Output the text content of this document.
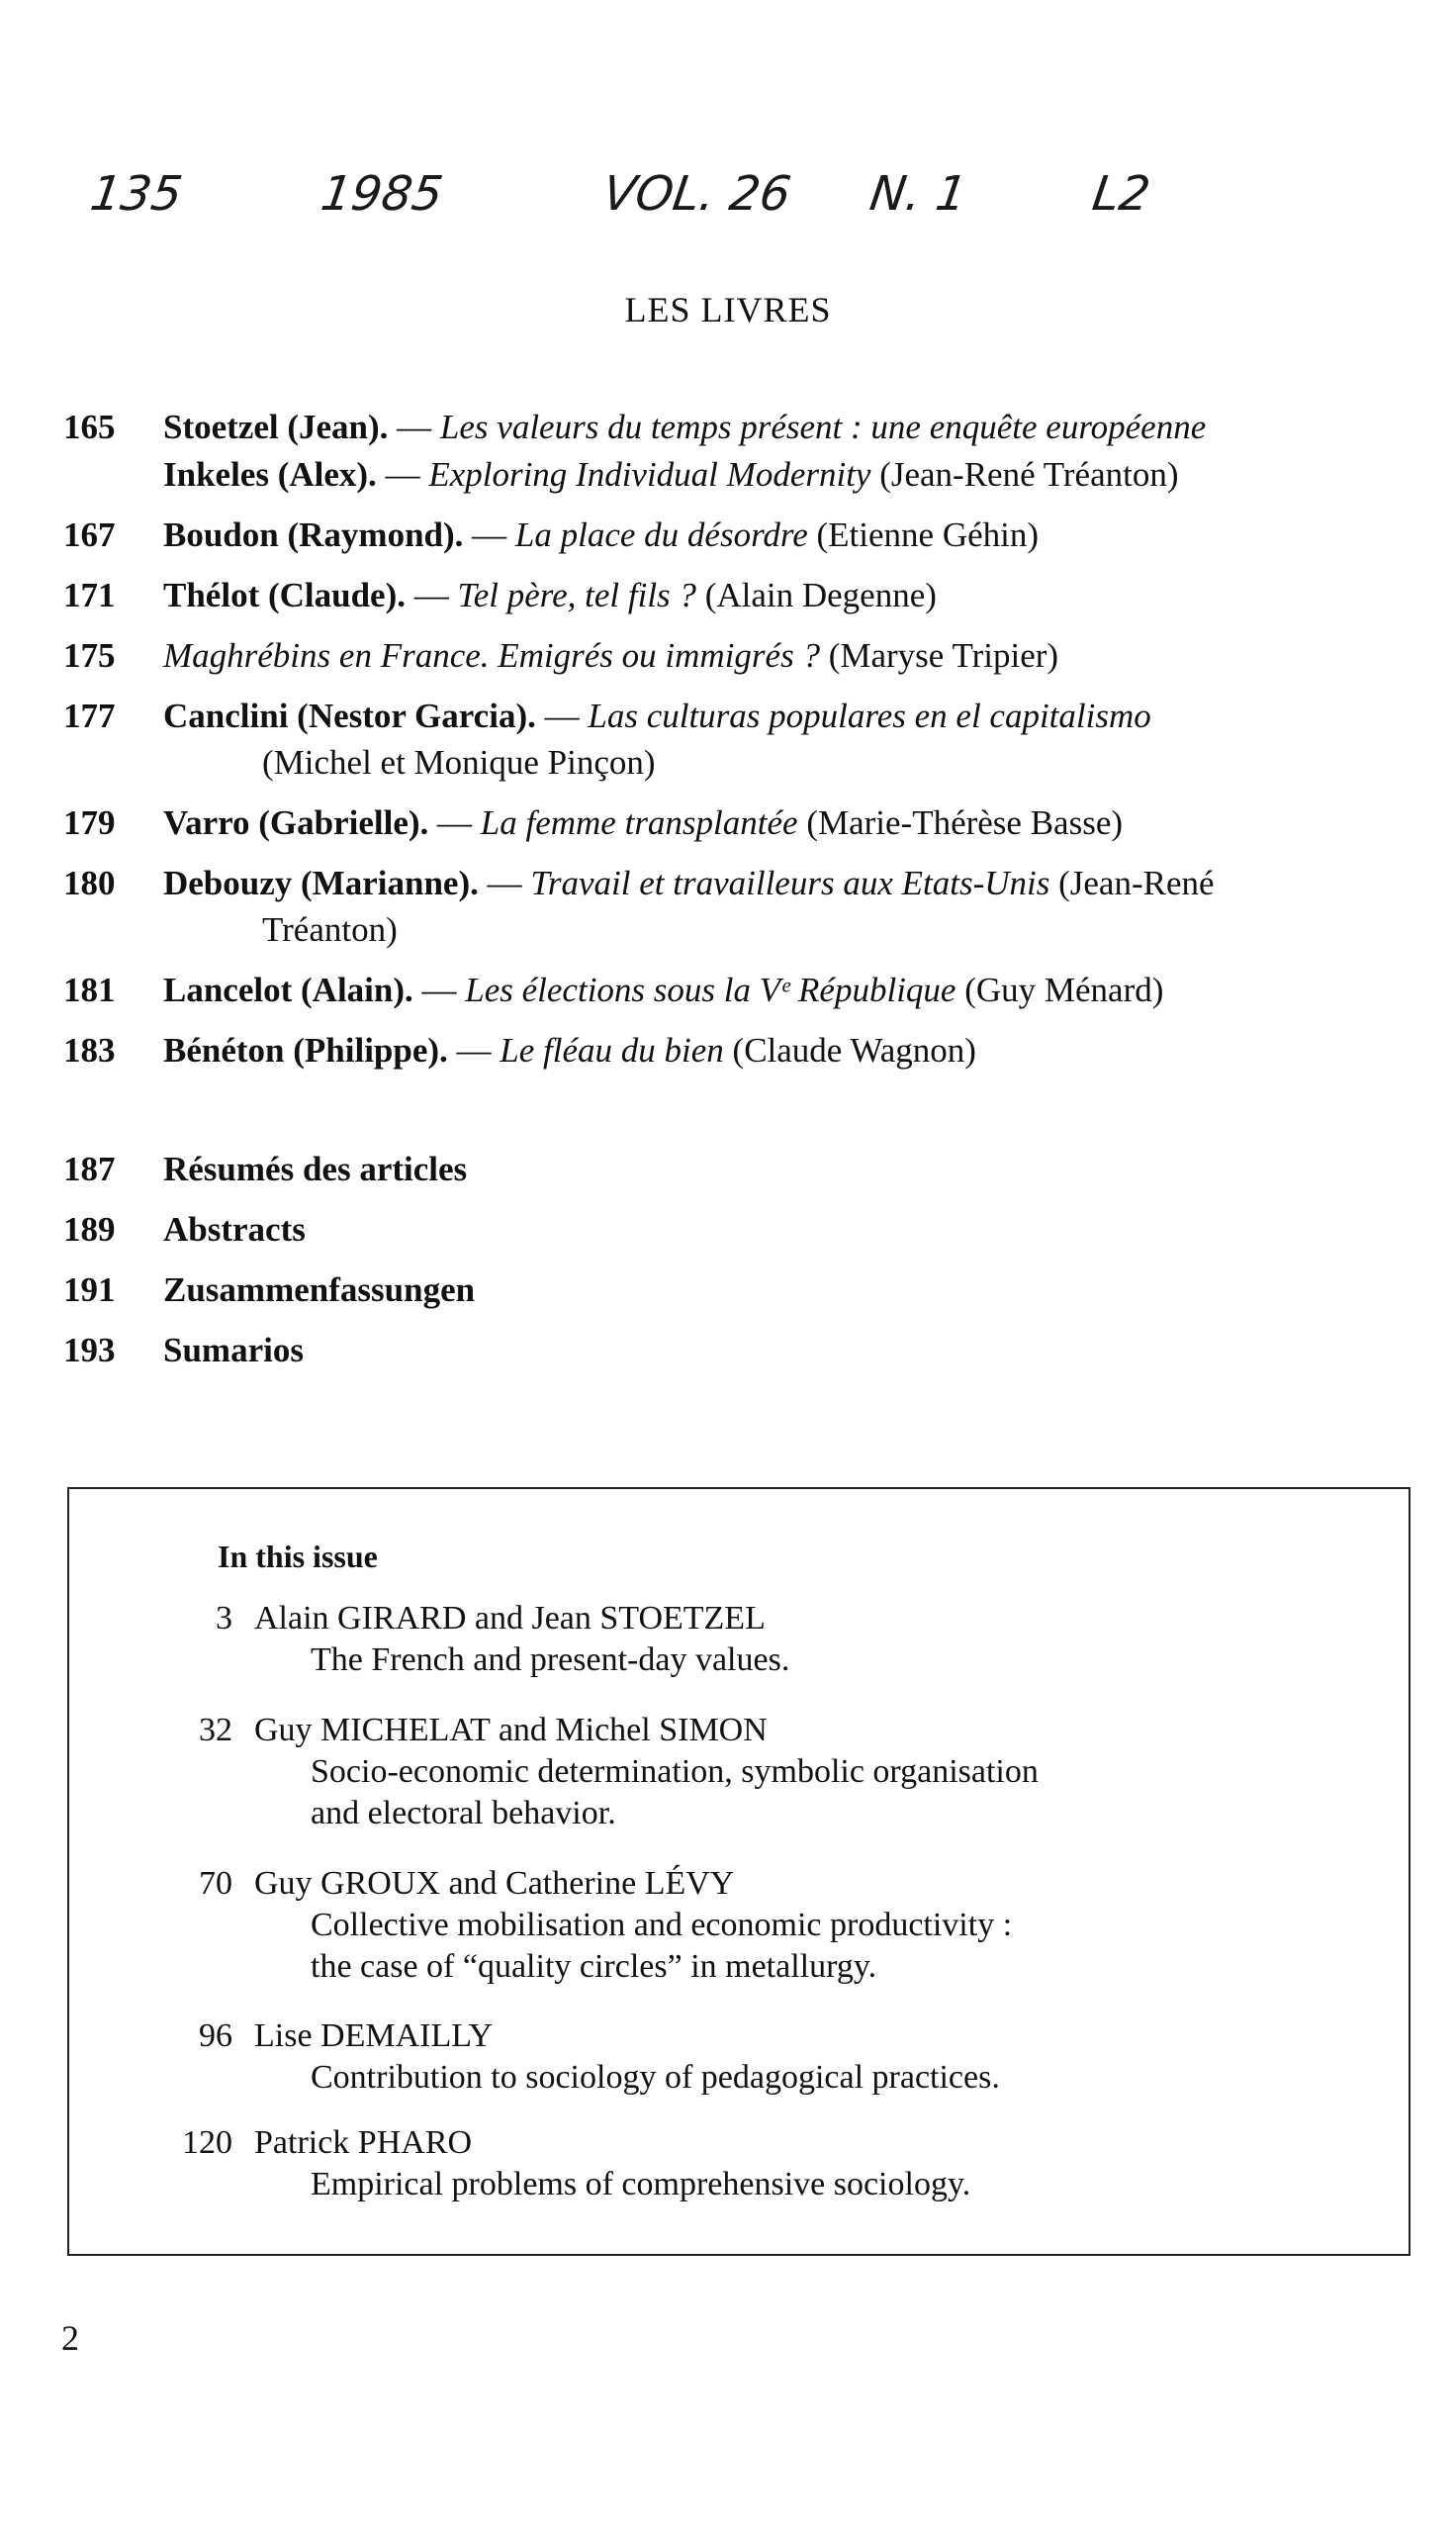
135	1985	VOL. 26 N. 1	L2
LES LIVRES
165	Stoetzel (Jean). — Les valeurs du temps présent : une enquête européenne
Inkeles (Alex). — Exploring Individual Modernity (Jean-René Tréanton)
167	Boudon (Raymond). — La place du désordre (Etienne Géhin)
171	Thélot (Claude). — Tel père, tel fils ? (Alain Degenne)
175	Maghrébins en France. Emigrés ou immigrés ? (Maryse Tripier)
177	Canclini (Nestor Garcia). — Las culturas populares en el capitalismo
(Michel et Monique Pinçon)
179	Varro (Gabrielle). — La femme transplantée (Marie-Thérèse Basse)
180	Debouzy (Marianne). — Travail et travailleurs aux Etats-Unis (Jean-René
Tréanton)
181	Lancelot (Alain). — Les élections sous la Vᵉ République (Guy Ménard)
183	Bénéton (Philippe). — Le fléau du bien (Claude Wagnon)
187	Résumés des articles
189	Abstracts
191	Zusammenfassungen
193	Sumarios
In this issue
3 Alain GIRARD and Jean STOETZEL
The French and present-day values.
32 Guy MICHELAT and Michel SIMON
Socio-economic determination, symbolic organisation
and electoral behavior.
70 Guy GROUX and Catherine LÉVY
Collective mobilisation and economic productivity :
the case of “quality circles” in metallurgy.
96 Lise DEMAILLY
Contribution to sociology of pedagogical practices.
120 Patrick PHARO
Empirical problems of comprehensive sociology.
2
